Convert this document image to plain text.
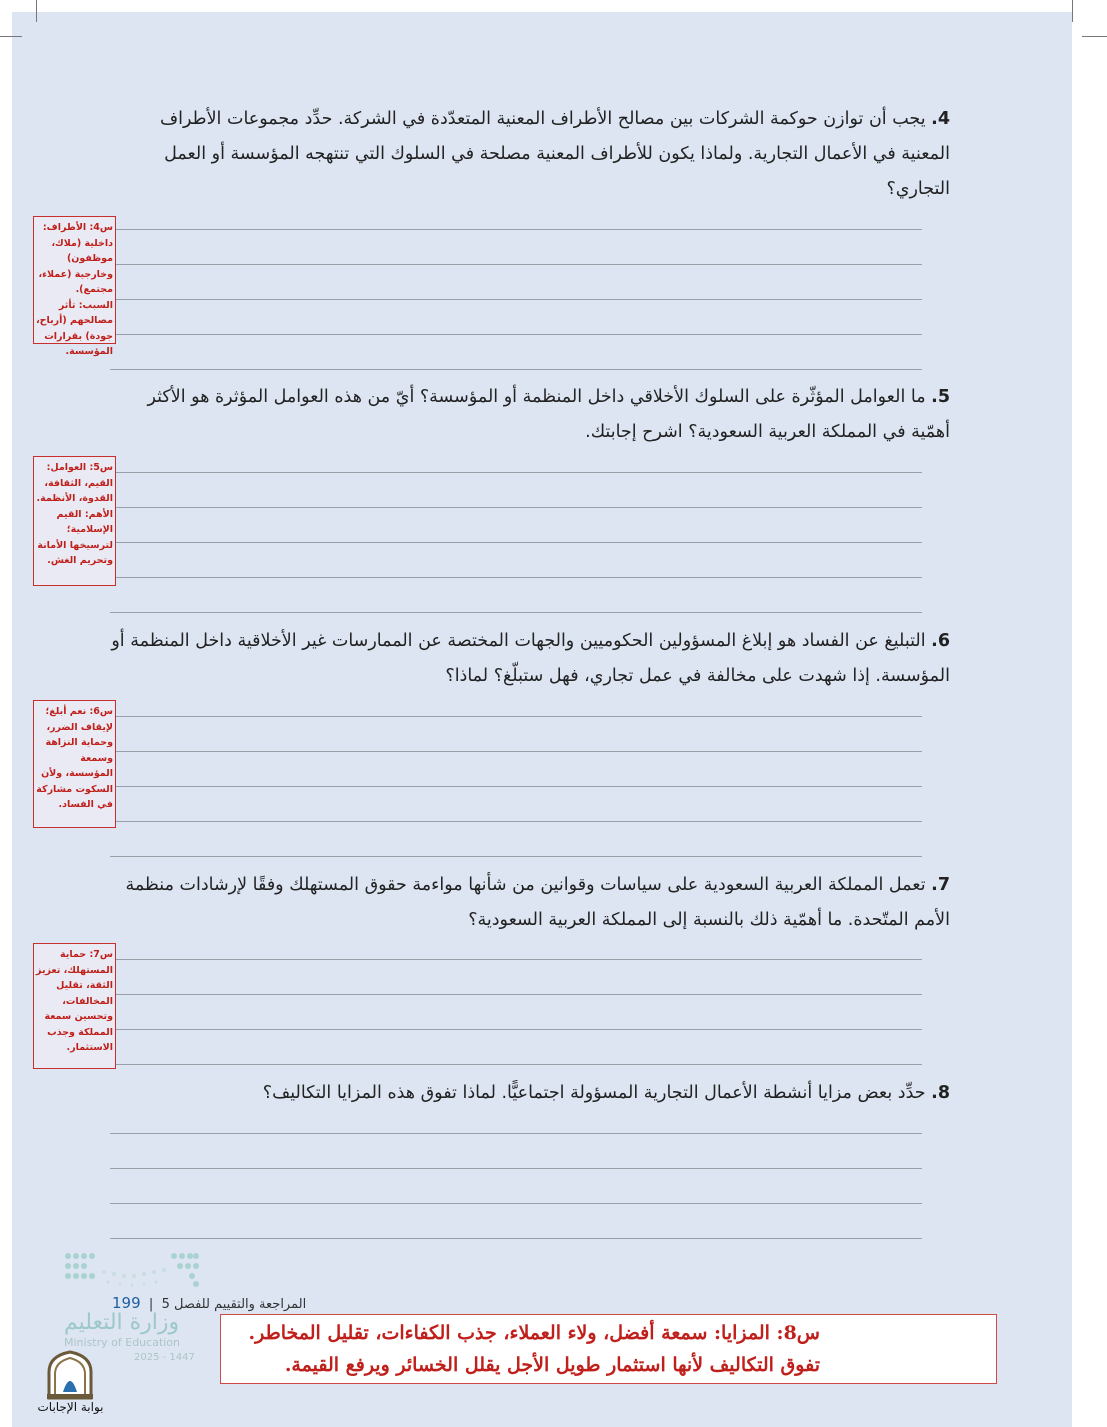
4. يجب أن توازن حوكمة الشركات بين مصالح الأطراف المعنية المتعدّدة في الشركة. حدِّد مجموعات الأطراف المعنية في الأعمال التجارية. ولماذا يكون للأطراف المعنية مصلحة في السلوك التي تنتهجه المؤسسة أو العمل التجاري؟
س4: الأطراف: داخلية (ملاك، موظفون) وخارجية (عملاء، مجتمع).
السبب: تأثر مصالحهم (أرباح، جودة) بقرارات المؤسسة.
5. ما العوامل المؤثّرة على السلوك الأخلاقي داخل المنظمة أو المؤسسة؟ أيّ من هذه العوامل المؤثرة هو الأكثر أهمّية في المملكة العربية السعودية؟ اشرح إجابتك.
س5: العوامل: القيم، الثقافة، القدوة، الأنظمة.
الأهم: القيم الإسلامية؛ لترسيخها الأمانة وتحريم الغش.
6. التبليغ عن الفساد هو إبلاغ المسؤولين الحكوميين والجهات المختصة عن الممارسات غير الأخلاقية داخل المنظمة أو المؤسسة. إذا شهدت على مخالفة في عمل تجاري، فهل ستبلّغ؟ لماذا؟
س6: نعم أبلغ؛ لإيقاف الضرر، وحماية النزاهة وسمعة المؤسسة، ولأن السكوت مشاركة في الفساد.
7. تعمل المملكة العربية السعودية على سياسات وقوانين من شأنها مواءمة حقوق المستهلك وفقًا لإرشادات منظمة الأمم المتّحدة. ما أهمّية ذلك بالنسبة إلى المملكة العربية السعودية؟
س7: حماية المستهلك، تعزيز الثقة، تقليل المخالفات، وتحسين سمعة المملكة وجذب الاستثمار.
8. حدِّد بعض مزايا أنشطة الأعمال التجارية المسؤولة اجتماعيًّا. لماذا تفوق هذه المزايا التكاليف؟
وزارة التعليم
Ministry of Education
2025 - 1447
المراجعة والتقييم للفصل 5  |  199
س8: المزايا: سمعة أفضل، ولاء العملاء، جذب الكفاءات، تقليل المخاطر.
تفوق التكاليف لأنها استثمار طويل الأجل يقلل الخسائر ويرفع القيمة.
بوابة الإجابات
